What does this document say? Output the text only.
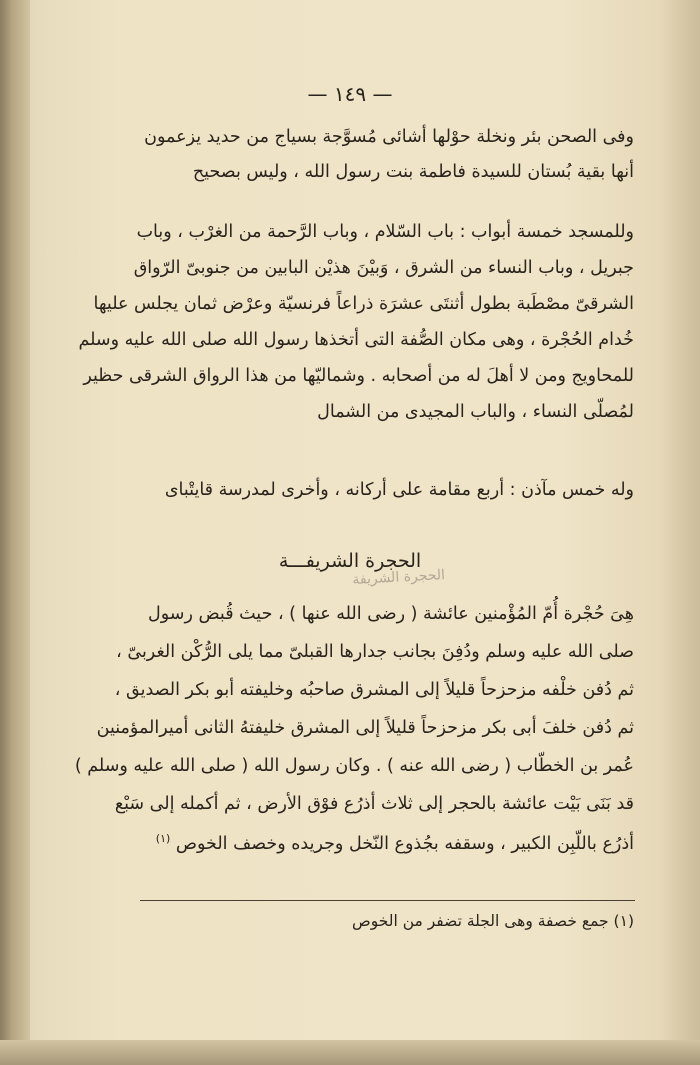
— ١٤٩ —
وفى الصحن بئر ونخلة حوْلها أشائى مُسوَّجة بسياج من حديد يزعمون
أنها بقية بُستان للسيدة فاطمة بنت رسول الله ، وليس بصحيح
وللمسجد خمسة أبواب : باب السّلام ، وباب الرَّحمة من الغرْب ، وباب
جبريل ، وباب النساء من الشرق ، وَبيْنَ هذيْن البابين من جنوبىّ الرّواق
الشرقىّ مصْطَبة بطول أثنتَى عشرَة ذراعاً فرنسيّة وعرْض ثمان يجلس عليها
خُدام الحُجْرة ، وهى مكان الصُّفة التى أتخذها رسول الله صلى الله عليه وسلم
للمحاويج ومن لا أهلَ له من أصحابه . وشماليّها من هذا الرواق الشرقى حظير
لمُصلّى النساء ، والباب المجيدى من الشمال
وله خمس مآذن : أربع مقامة على أركانه ، وأخرى لمدرسة قايتْباى
الحجرة الشريفـــة
الحجرة الشريفة
هِىَ حُجْرة أُمّ المُؤْمنين عائشة ( رضى الله عنها ) ، حيث قُبض رسول
صلى الله عليه وسلم ودُفِنَ بجانب جدارها القبلىّ مما يلى الرُّكْن الغربىّ ،
ثم دُفن خلْفه مزحزحاً قليلاً إلى المشرق صاحبُه وخليفته أبو بكر الصديق ،
ثم دُفن خلفَ أبى بكر مزحزحاً قليلاً إلى المشرق خليفتهُ الثانى أميرالمؤمنين
عُمر بن الخطّاب ( رضى الله عنه ) . وكان رسول الله ( صلى الله عليه وسلم )
قد بَنَى بَيْت عائشة بالحجر إلى ثلاث أذرُع فوْق الأرض ، ثم أكمله إلى سَبْع
أذرُع باللّبِن الكبير ، وسقفه بجُذوع النّخل وجريده وخصف الخوص $^{(١)}$
(١) جمع خصفة وهى الجلة تضفر من الخوص
